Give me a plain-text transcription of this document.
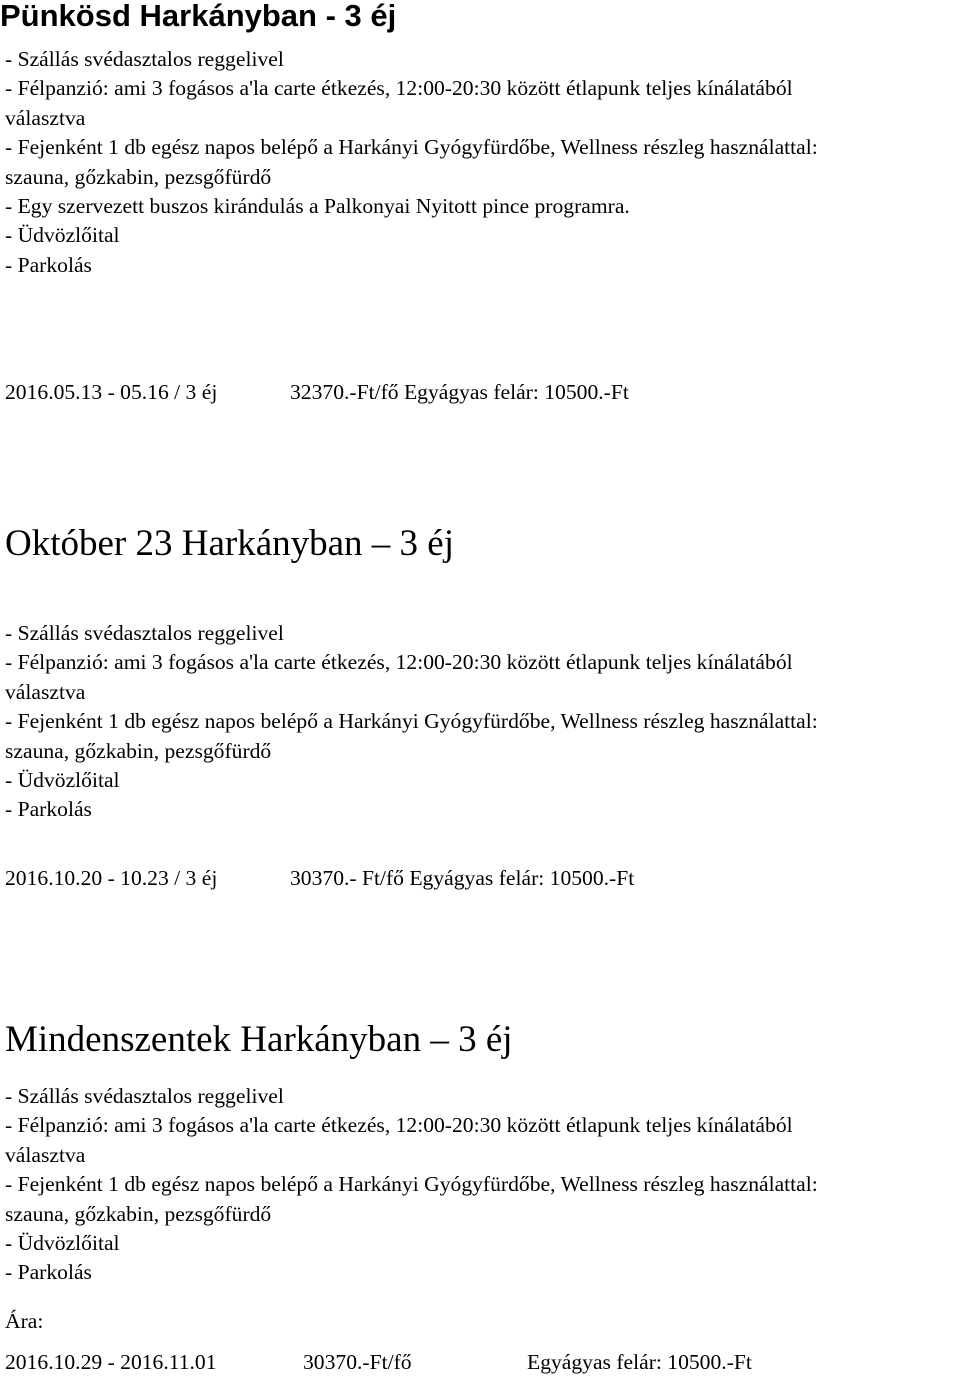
Pünkösd Harkányban - 3 éj
- Szállás svédasztalos reggelivel
- Félpanzió: ami 3 fogásos a'la carte étkezés, 12:00-20:30 között étlapunk teljes kínálatából
választva
- Fejenként 1 db egész napos belépő a Harkányi Gyógyfürdőbe, Wellness részleg használattal:
szauna, gőzkabin, pezsgőfürdő
- Egy szervezett buszos kirándulás a Palkonyai Nyitott pince programra.
- Üdvözlőital
- Parkolás
2016.05.13 - 05.16 / 3 éj	32370.-Ft/fő Egyágyas felár: 10500.-Ft
Október 23 Harkányban – 3 éj
- Szállás svédasztalos reggelivel
- Félpanzió: ami 3 fogásos a'la carte étkezés, 12:00-20:30 között étlapunk teljes kínálatából
választva
- Fejenként 1 db egész napos belépő a Harkányi Gyógyfürdőbe, Wellness részleg használattal:
szauna, gőzkabin, pezsgőfürdő
- Üdvözlőital
- Parkolás
2016.10.20 - 10.23 / 3 éj	30370.- Ft/fő Egyágyas felár: 10500.-Ft
Mindenszentek Harkányban – 3 éj
- Szállás svédasztalos reggelivel
- Félpanzió: ami 3 fogásos a'la carte étkezés, 12:00-20:30 között étlapunk teljes kínálatából
választva
- Fejenként 1 db egész napos belépő a Harkányi Gyógyfürdőbe, Wellness részleg használattal:
szauna, gőzkabin, pezsgőfürdő
- Üdvözlőital
- Parkolás
Ára:
2016.10.29 - 2016.11.01	30370.-Ft/fő	Egyágyas felár: 10500.-Ft
